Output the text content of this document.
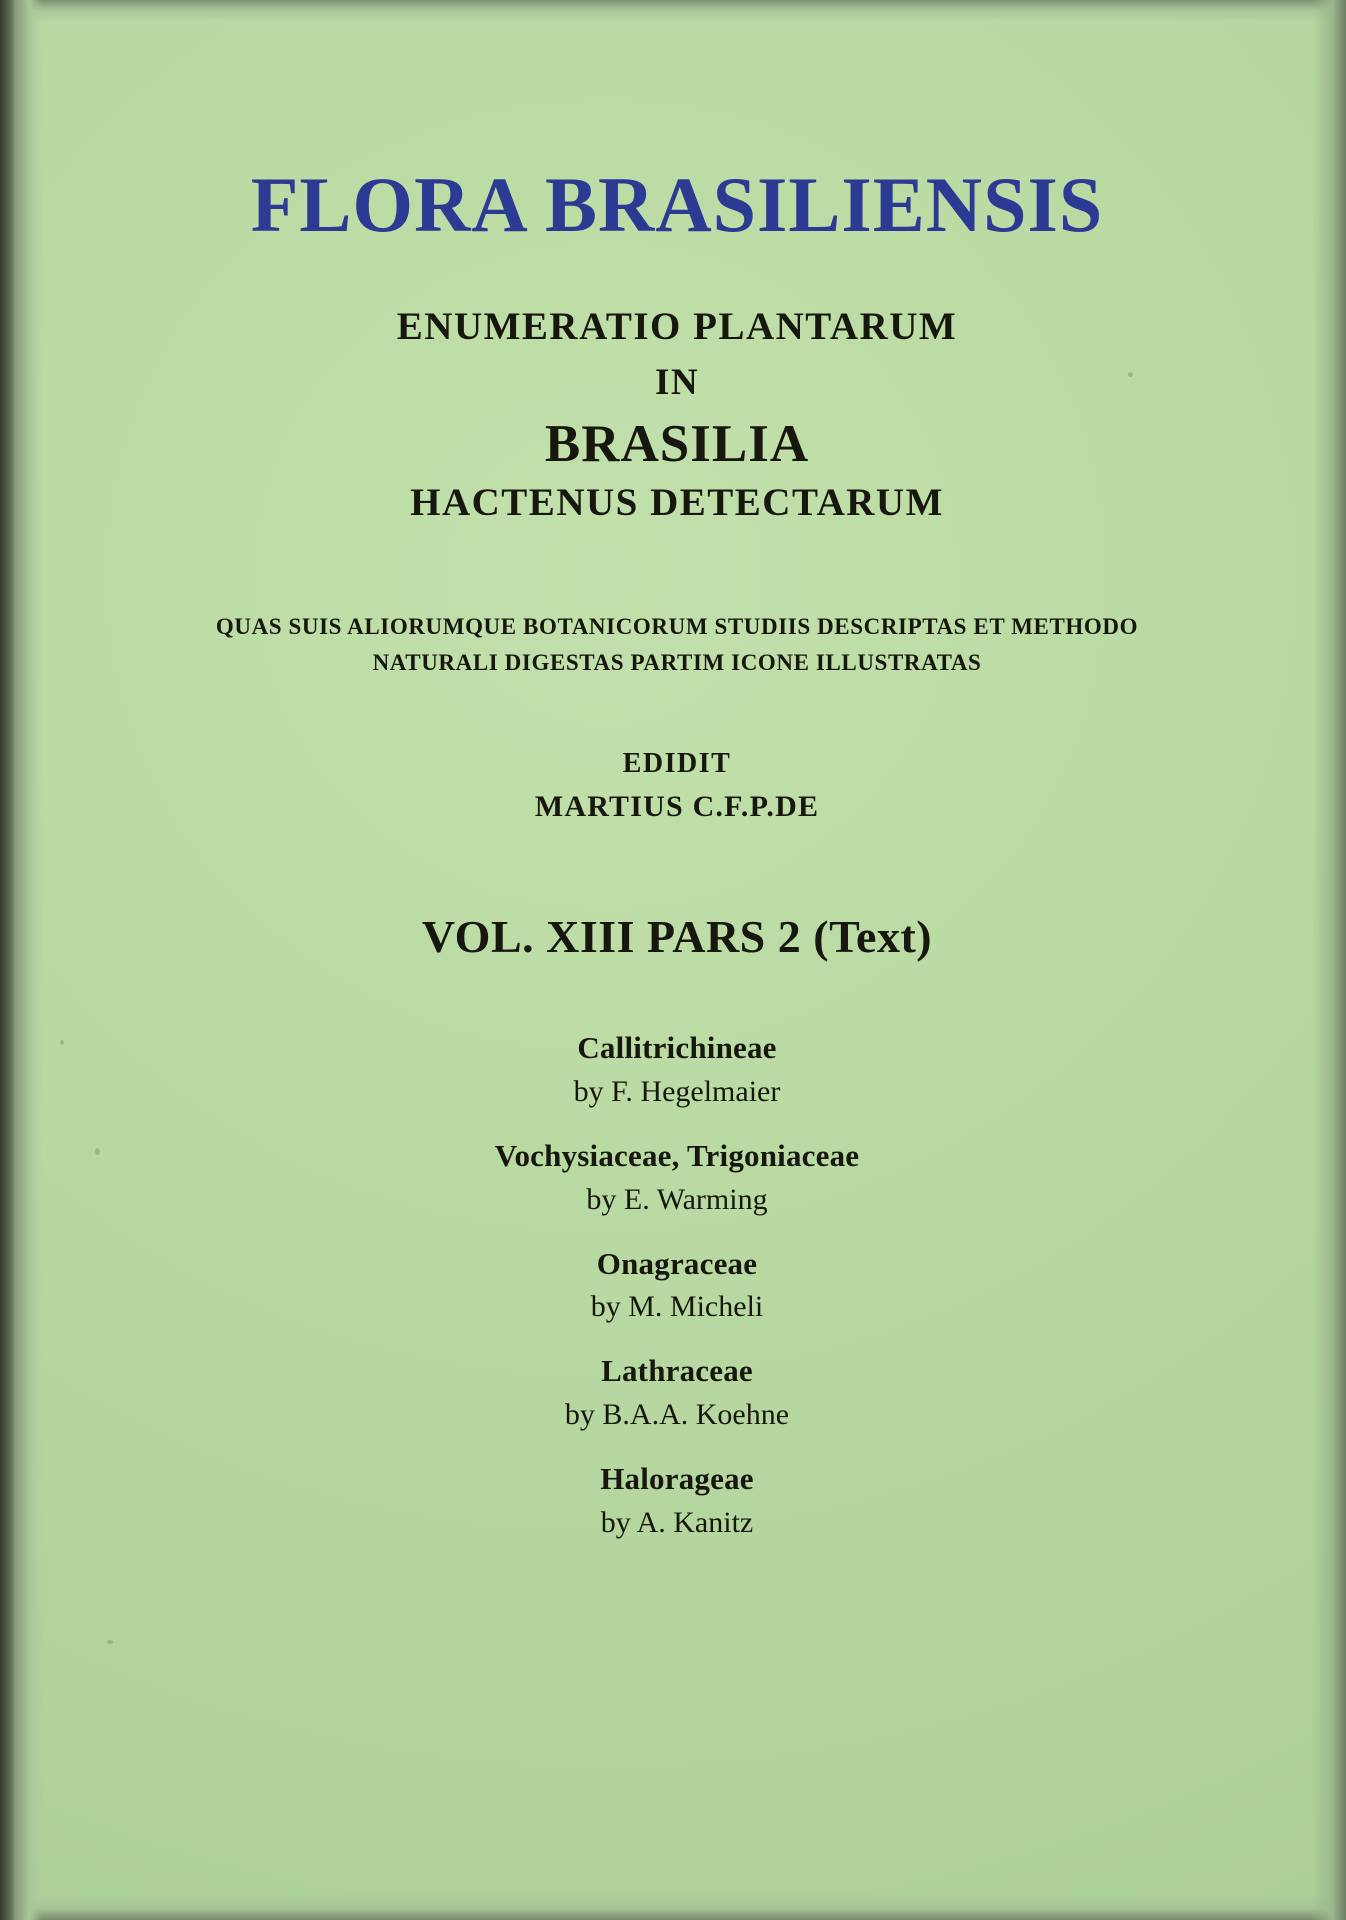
FLORA BRASILIENSIS
ENUMERATIO PLANTARUM
IN
BRASILIA
HACTENUS DETECTARUM
QUAS SUIS ALIORUMQUE BOTANICORUM STUDIIS DESCRIPTAS ET METHODO
NATURALI DIGESTAS PARTIM ICONE ILLUSTRATAS
EDIDIT
MARTIUS C.F.P.DE
VOL. XIII PARS 2 (Text)
Callitrichineae
by F. Hegelmaier
Vochysiaceae, Trigoniaceae
by E. Warming
Onagraceae
by M. Micheli
Lathraceae
by B.A.A. Koehne
Halorageae
by A. Kanitz
